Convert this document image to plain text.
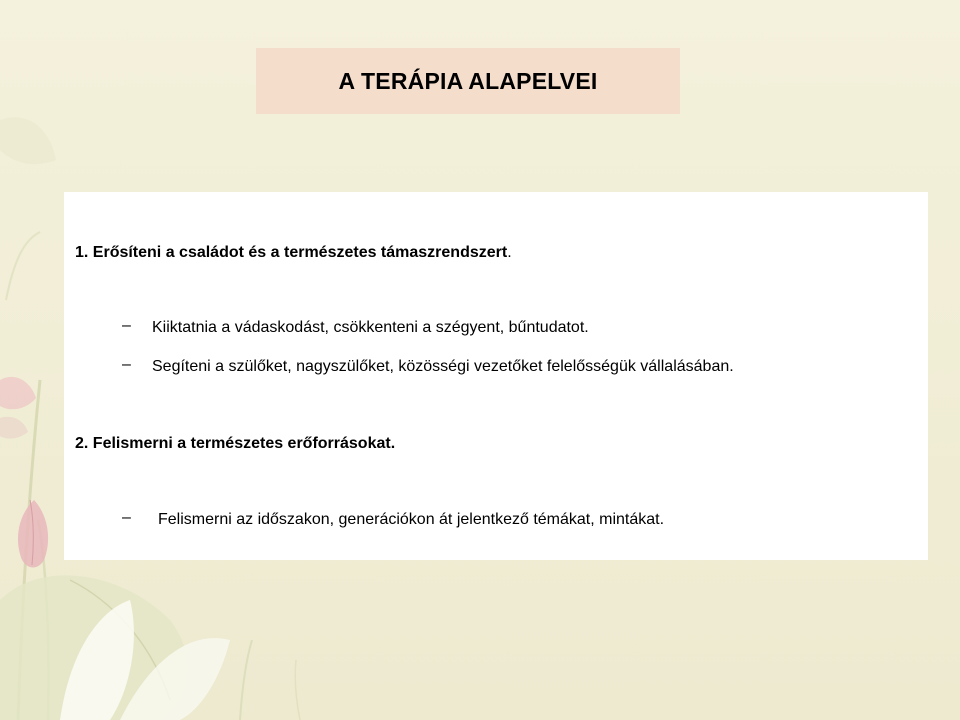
A TERÁPIA ALAPELVEI
1. Erősíteni a családot és a természetes támaszrendszert.
– Kiiktatnia a vádaskodást, csökkenteni a szégyent, bűntudatot.
– Segíteni a szülőket, nagyszülőket, közösségi vezetőket felelősségük vállalásában.
2. Felismerni a természetes erőforrásokat.
– Felismerni az időszakon, generációkon át jelentkező témákat, mintákat.
